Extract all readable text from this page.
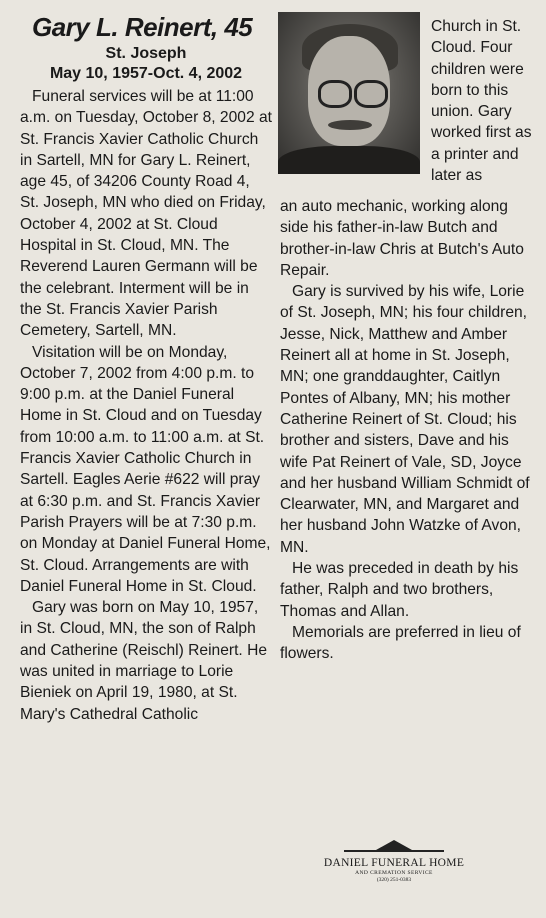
Gary L. Reinert, 45

St. Joseph

May 10, 1957-Oct. 4, 2002

Funeral services will be at 11:00 a.m. on Tuesday, October 8, 2002 at St. Francis Xavier Catholic Church in Sartell, MN for Gary L. Reinert, age 45, of 34206 County Road 4, St. Joseph, MN who died on Friday, October 4, 2002 at St. Cloud Hospital in St. Cloud, MN. The Reverend Lauren Germann will be the celebrant. Interment will be in the St. Francis Xavier Parish Cemetery, Sartell, MN.

Visitation will be on Monday, October 7, 2002 from 4:00 p.m. to 9:00 p.m. at the Daniel Funeral Home in St. Cloud and on Tuesday from 10:00 a.m. to 11:00 a.m. at St. Francis Xavier Catholic Church in Sartell. Eagles Aerie #622 will pray at 6:30 p.m. and St. Francis Xavier Parish Prayers will be at 7:30 p.m. on Monday at Daniel Funeral Home, St. Cloud. Arrangements are with Daniel Funeral Home in St. Cloud.

Gary was born on May 10, 1957, in St. Cloud, MN, the son of Ralph and Catherine (Reischl) Reinert. He was united in marriage to Lorie Bieniek on April 19, 1980, at St. Mary's Cathedral Catholic

Church in St. Cloud. Four children were born to this union. Gary worked first as a printer and later as

an auto mechanic, working along side his father-in-law Butch and brother-in-law Chris at Butch's Auto Repair.

Gary is survived by his wife, Lorie of St. Joseph, MN; his four children, Jesse, Nick, Matthew and Amber Reinert all at home in St. Joseph, MN; one granddaughter, Caitlyn Pontes of Albany, MN; his mother Catherine Reinert of St. Cloud; his brother and sisters, Dave and his wife Pat Reinert of Vale, SD, Joyce and her husband William Schmidt of Clearwater, MN, and Margaret and her husband John Watzke of Avon, MN.

He was preceded in death by his father, Ralph and two brothers, Thomas and Allan.

Memorials are preferred in lieu of flowers.

DANIEL FUNERAL HOME
AND CREMATION SERVICE
(320) 251-0383
